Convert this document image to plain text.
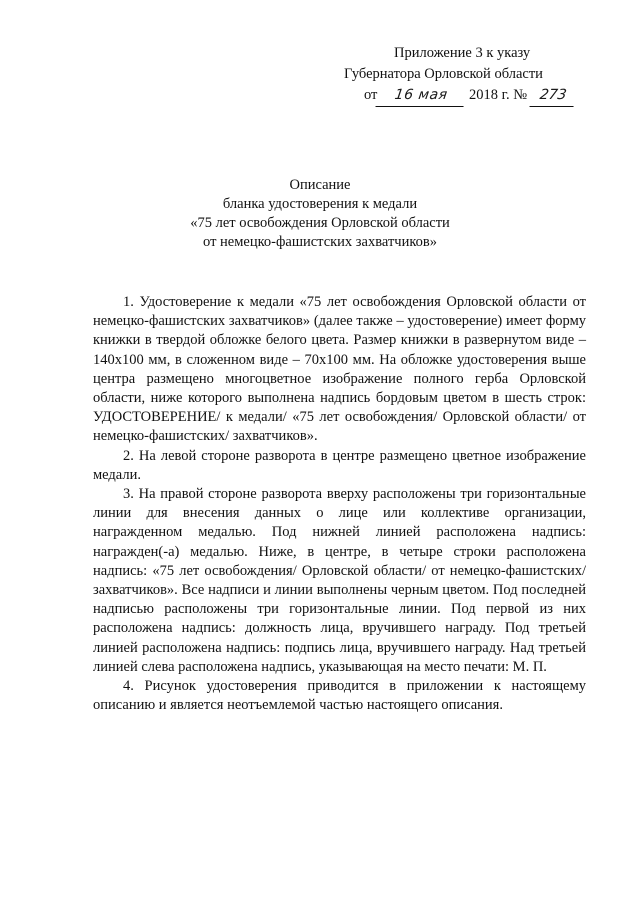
Приложение 3 к указу
Губернатора Орловской области
от 16 мая 2018 г. № 273
Описание
бланка удостоверения к медали
«75 лет освобождения Орловской области
от немецко-фашистских захватчиков»

1. Удостоверение к медали «75 лет освобождения Орловской области от немецко-фашистских захватчиков» (далее также – удостоверение) имеет форму книжки в твердой обложке белого цвета. Размер книжки в развернутом виде – 140x100 мм, в сложенном виде – 70x100 мм. На обложке удостоверения выше центра размещено многоцветное изображение полного герба Орловской области, ниже которого выполнена надпись бордовым цветом в шесть строк: УДОСТОВЕРЕНИЕ/ к медали/ «75 лет освобождения/ Орловской области/ от немецко-фашистских/ захватчиков».

2. На левой стороне разворота в центре размещено цветное изображение медали.

3. На правой стороне разворота вверху расположены три горизонтальные линии для внесения данных о лице или коллективе организации, награжденном медалью. Под нижней линией расположена надпись: награжден(-а) медалью. Ниже, в центре, в четыре строки расположена надпись: «75 лет освобождения/ Орловской области/ от немецко-фашистских/ захватчиков». Все надписи и линии выполнены черным цветом. Под последней надписью расположены три горизонтальные линии. Под первой из них расположена надпись: должность лица, вручившего награду. Под третьей линией расположена надпись: подпись лица, вручившего награду. Над третьей линией слева расположена надпись, указывающая на место печати: М. П.

4. Рисунок удостоверения приводится в приложении к настоящему описанию и является неотъемлемой частью настоящего описания.
